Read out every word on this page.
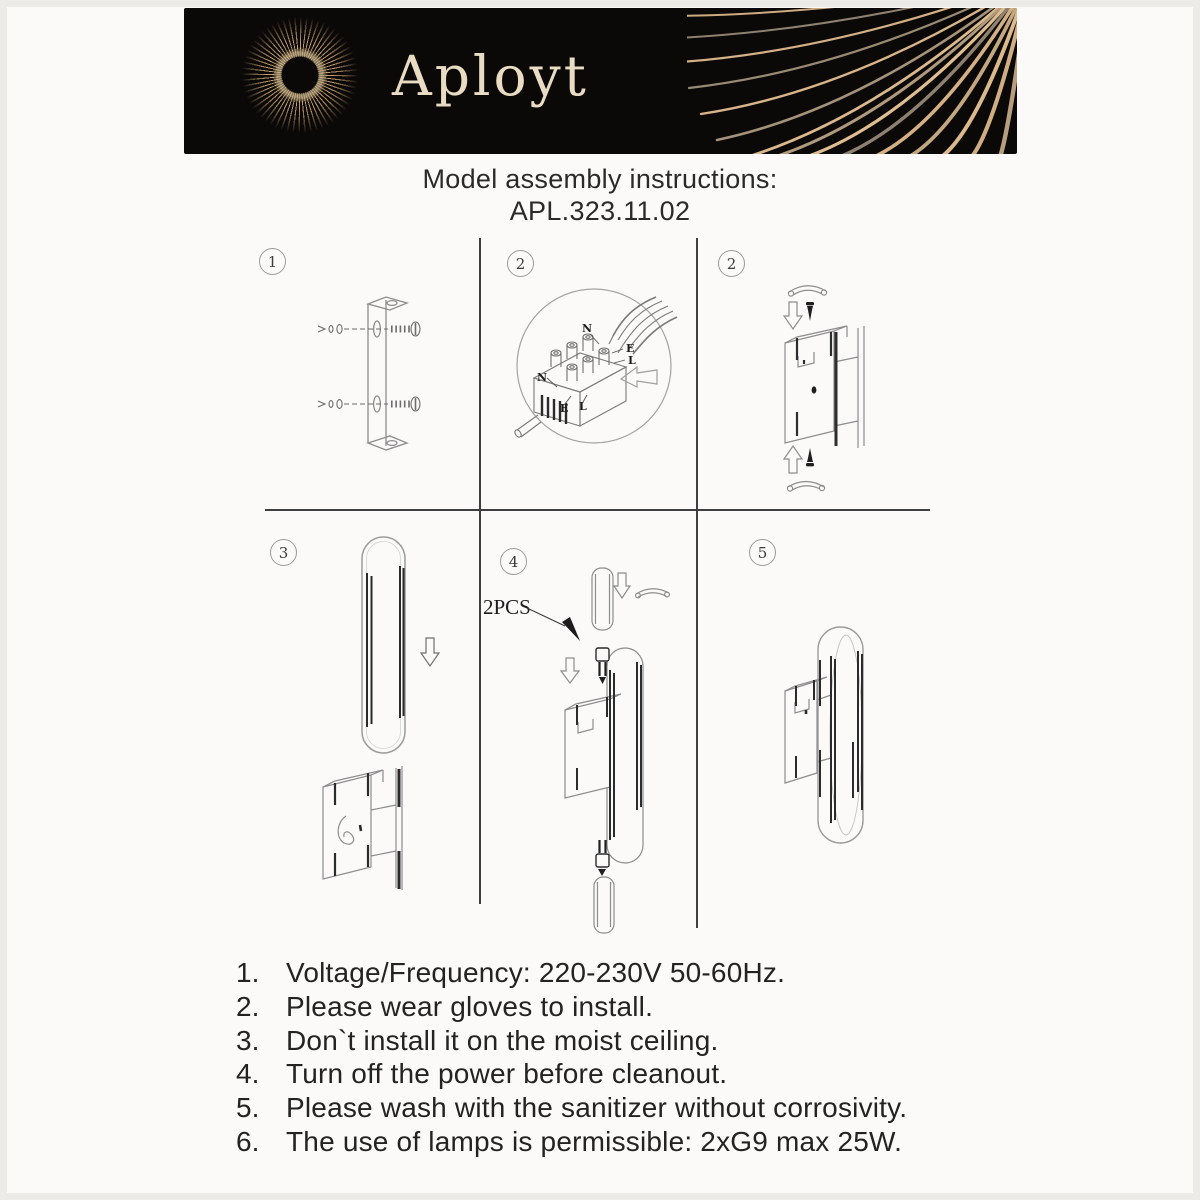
Aployt
Model assembly instructions:
APL.323.11.02
1	2	2
3	4	5
N
E
L
N
E L
2PCS
1. Voltage/Frequency: 220-230V 50-60Hz.
2. Please wear gloves to install.
3. Don`t install it on the moist ceiling.
4. Turn off the power before cleanout.
5. Please wash with the sanitizer without corrosivity.
6. The use of lamps is permissible: 2xG9 max 25W.
